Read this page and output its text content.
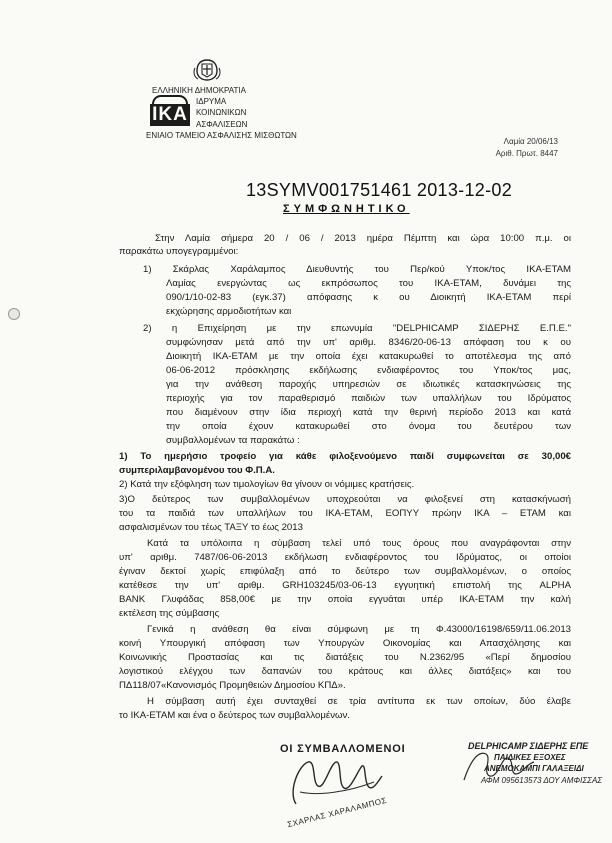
ΕΛΛΗΝΙΚΗ ΔΗΜΟΚΡΑΤΙΑ
ΙΔΡΥΜΑ
ΚΟΙΝΩΝΙΚΩΝ
ΑΣΦΑΛΙΣΕΩΝ
ΙΚΑ
ΕΝΙΑΙΟ ΤΑΜΕΙΟ ΑΣΦΑΛΙΣΗΣ ΜΙΣΘΩΤΩΝ
Λαμία 20/06/13
Αριθ. Πρωτ. 8447
13SYMV001751461 2013-12-02
ΣΥΜΦΩΝΗΤΙΚΟ
Στην Λαμία σήμερα 20 / 06 / 2013 ημέρα Πέμπτη και ώρα 10:00 π.μ. οι
παρακάτω υπογεγραμμένοι:
1) Σκάρλας Χαράλαμπος Διευθυντής του Περ/κού Υποκ/τος ΙΚΑ-ΕΤΑΜ
Λαμίας ενεργώντας ως εκπρόσωπος του ΙΚΑ-ΕΤΑΜ, δυνάμει της
090/1/10-02-83 (εγκ.37) απόφασης κ ου Διοικητή ΙΚΑ-ΕΤΑΜ περί
εκχώρησης αρμοδιοτήτων και
2) η Επιχείρηση με την επωνυμία "DELPHICAMP ΣΙΔΕΡΗΣ Ε.Π.Ε."
συμφώνησαν μετά από την υπ' αριθμ. 8346/20-06-13 απόφαση του κ ου
Διοικητή ΙΚΑ-ΕΤΑΜ με την οποία έχει κατακυρωθεί το αποτέλεσμα της από
06-06-2012 πρόσκλησης εκδήλωσης ενδιαφέροντος του Υποκ/τος μας,
για την ανάθεση παροχής υπηρεσιών σε ιδιωτικές κατασκηνώσεις της
περιοχής για τον παραθερισμό παιδιών των υπαλλήλων του Ιδρύματος
που διαμένουν στην ίδια περιοχή κατά την θερινή περίοδο 2013 και κατά
την οποία έχουν κατακυρωθεί στο όνομα του δευτέρου των
συμβαλλομένων τα παρακάτω :
1) Το ημερήσιο τροφείο για κάθε φιλοξενούμενο παιδί συμφωνείται σε 30,00€
συμπεριλαμβανομένου του Φ.Π.Α.
2) Κατά την εξόφληση των τιμολογίων θα γίνουν οι νόμιμες κρατήσεις.
3)Ο δεύτερος των συμβαλλομένων υποχρεούται να φιλοξενεί στη κατασκήνωσή
του τα παιδιά των υπαλλήλων του ΙΚΑ-ΕΤΑΜ, ΕΟΠΥΥ πρώην ΙΚΑ – ΕΤΑΜ και
ασφαλισμένων του τέως ΤΑΞΥ το έως 2013
Κατά τα υπόλοιπα η σύμβαση τελεί υπό τους όρους που αναγράφονται στην
υπ' αριθμ. 7487/06-06-2013 εκδήλωση ενδιαφέροντος του Ιδρύματος, οι οποίοι
έγιναν δεκτοί χωρίς επιφύλαξη από το δεύτερο των συμβαλλομένων, ο οποίος
κατέθεσε την υπ' αριθμ. GRH103245/03-06-13 εγγυητική επιστολή της ALPHA
BANK Γλυφάδας 858,00€ με την οποία εγγυάται υπέρ ΙΚΑ-ΕΤΑΜ την καλή
εκτέλεση της σύμβασης
Γενικά η ανάθεση θα είναι σύμφωνη με τη Φ.43000/16198/659/11.06.2013
κοινή Υπουργική απόφαση των Υπουργών Οικονομίας και Απασχόλησης και
Κοινωνικής Προστασίας και τις διατάξεις του Ν.2362/95 «Περί δημοσίου
λογιστικού ελέγχου των δαπανών του κράτους και άλλες διατάξεις» και του
ΠΔ118/07«Κανονισμός Προμηθειών Δημοσίου ΚΠΔ».
Η σύμβαση αυτή έχει συνταχθεί σε τρία αντίτυπα εκ των οποίων, δύο έλαβε
το ΙΚΑ-ΕΤΑΜ και ένα ο δεύτερος των συμβαλλομένων.
ΟΙ ΣΥΜΒΑΛΛΟΜΕΝΟΙ
ΣΧΑΡΛΑΣ ΧΑΡΑΛΑΜΠΟΣ
DELPHICAMP ΣΙΔΕΡΗΣ ΕΠΕ
ΠΑΙΔΙΚΕΣ ΕΞΟΧΕΣ
ΑΝΕΜΟΚΑΜΠΙ ΓΑΛΑΞΕΙΔΙ
ΑΦΜ 095613573 ΔΟΥ ΑΜΦΙΣΣΑΣ
